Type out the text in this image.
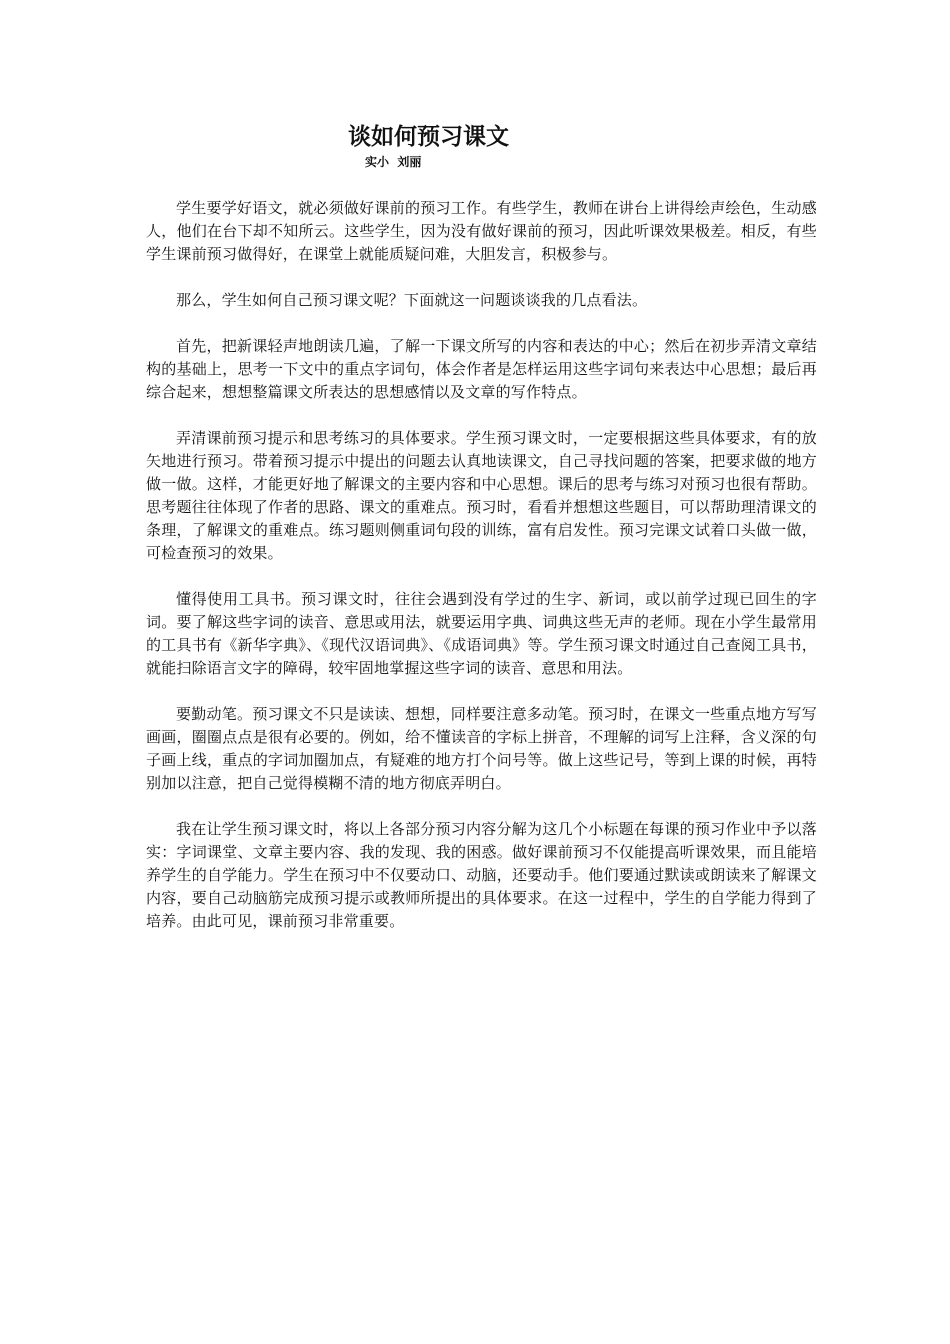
谈如何预习课文
实小  刘丽

学生要学好语文，就必须做好课前的预习工作。有些学生，教师在讲台上讲得绘声绘色，生动感人，他们在台下却不知所云。这些学生，因为没有做好课前的预习，因此听课效果极差。相反，有些学生课前预习做得好，在课堂上就能质疑问难，大胆发言，积极参与。

那么，学生如何自己预习课文呢？下面就这一问题谈谈我的几点看法。

首先，把新课轻声地朗读几遍，了解一下课文所写的内容和表达的中心；然后在初步弄清文章结构的基础上，思考一下文中的重点字词句，体会作者是怎样运用这些字词句来表达中心思想；最后再综合起来，想想整篇课文所表达的思想感情以及文章的写作特点。

弄清课前预习提示和思考练习的具体要求。学生预习课文时，一定要根据这些具体要求，有的放矢地进行预习。带着预习提示中提出的问题去认真地读课文，自己寻找问题的答案，把要求做的地方做一做。这样，才能更好地了解课文的主要内容和中心思想。课后的思考与练习对预习也很有帮助。思考题往往体现了作者的思路、课文的重难点。预习时，看看并想想这些题目，可以帮助理清课文的条理，了解课文的重难点。练习题则侧重词句段的训练，富有启发性。预习完课文试着口头做一做，可检查预习的效果。

懂得使用工具书。预习课文时，往往会遇到没有学过的生字、新词，或以前学过现已回生的字词。要了解这些字词的读音、意思或用法，就要运用字典、词典这些无声的老师。现在小学生最常用的工具书有《新华字典》、《现代汉语词典》、《成语词典》等。学生预习课文时通过自己查阅工具书，就能扫除语言文字的障碍，较牢固地掌握这些字词的读音、意思和用法。

要勤动笔。预习课文不只是读读、想想，同样要注意多动笔。预习时，在课文一些重点地方写写画画，圈圈点点是很有必要的。例如，给不懂读音的字标上拼音，不理解的词写上注释，含义深的句子画上线，重点的字词加圈加点，有疑难的地方打个问号等。做上这些记号，等到上课的时候，再特别加以注意，把自己觉得模糊不清的地方彻底弄明白。

我在让学生预习课文时，将以上各部分预习内容分解为这几个小标题在每课的预习作业中予以落实：字词课堂、文章主要内容、我的发现、我的困惑。做好课前预习不仅能提高听课效果，而且能培养学生的自学能力。学生在预习中不仅要动口、动脑，还要动手。他们要通过默读或朗读来了解课文内容，要自己动脑筋完成预习提示或教师所提出的具体要求。在这一过程中，学生的自学能力得到了培养。由此可见，课前预习非常重要。
